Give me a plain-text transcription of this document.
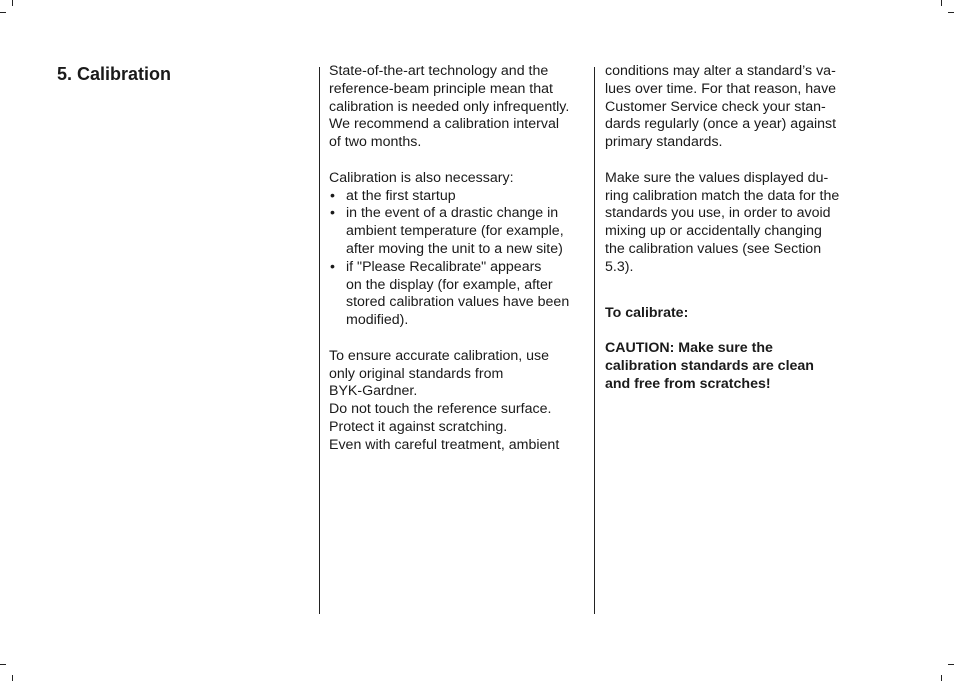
5. Calibration	State-of-the-art technology and the

reference-beam principle mean that

calibration is needed only infrequently.

We recommend a calibration interval

of two months.

Calibration is also necessary:

• at the first startup

• in the event of a drastic change in

ambient temperature (for example,

after moving the unit to a new site)

• if "Please Recalibrate" appears

on the display (for example, after

stored calibration values have been

modified).

To ensure accurate calibration, use

only original standards from

BYK-Gardner.

Do not touch the reference surface.

Protect it against scratching.

Even with careful treatment, ambient

conditions may alter a standard’s va-

lues over time. For that reason, have

Customer Service check your stan-

dards regularly (once a year) against

primary standards.

Make sure the values displayed du-

ring calibration match the data for the

standards you use, in order to avoid

mixing up or accidentally changing

the calibration values (see Section

5.3).

To calibrate:

CAUTION: Make sure the

calibration standards are clean

and free from scratches!
